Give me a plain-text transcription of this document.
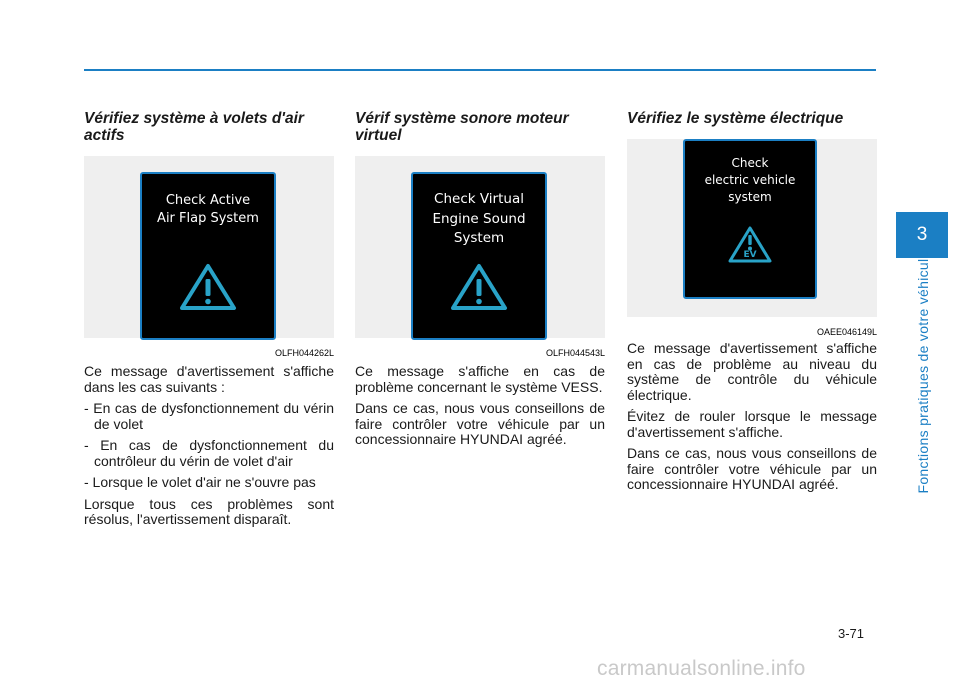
Vérifiez système à volets d'air actifs
Check Active
Air Flap System
OLFH044262L

Ce message d'avertissement s'affiche dans les cas suivants :

- En cas de dysfonctionnement du vérin de volet
- En cas de dysfonctionnement du contrôleur du vérin de volet d'air
- Lorsque le volet d'air ne s'ouvre pas

Lorsque tous ces problèmes sont résolus, l'avertissement disparaît.

Vérif système sonore moteur virtuel
Check Virtual
Engine Sound
System
OLFH044543L

Ce message s'affiche en cas de problème concernant le système VESS.

Dans ce cas, nous vous conseillons de faire contrôler votre véhicule par un concessionnaire HYUNDAI agréé.

Vérifiez le système électrique
Check
electric vehicle
system
EV
OAEE046149L

Ce message d'avertissement s'affiche en cas de problème au niveau du système de contrôle du véhicule électrique.

Évitez de rouler lorsque le message d'avertissement s'affiche.

Dans ce cas, nous vous conseillons de faire contrôler votre véhicule par un concessionnaire HYUNDAI agréé.

3
Fonctions pratiques de votre véhicule
3-71
carmanualsonline.info
